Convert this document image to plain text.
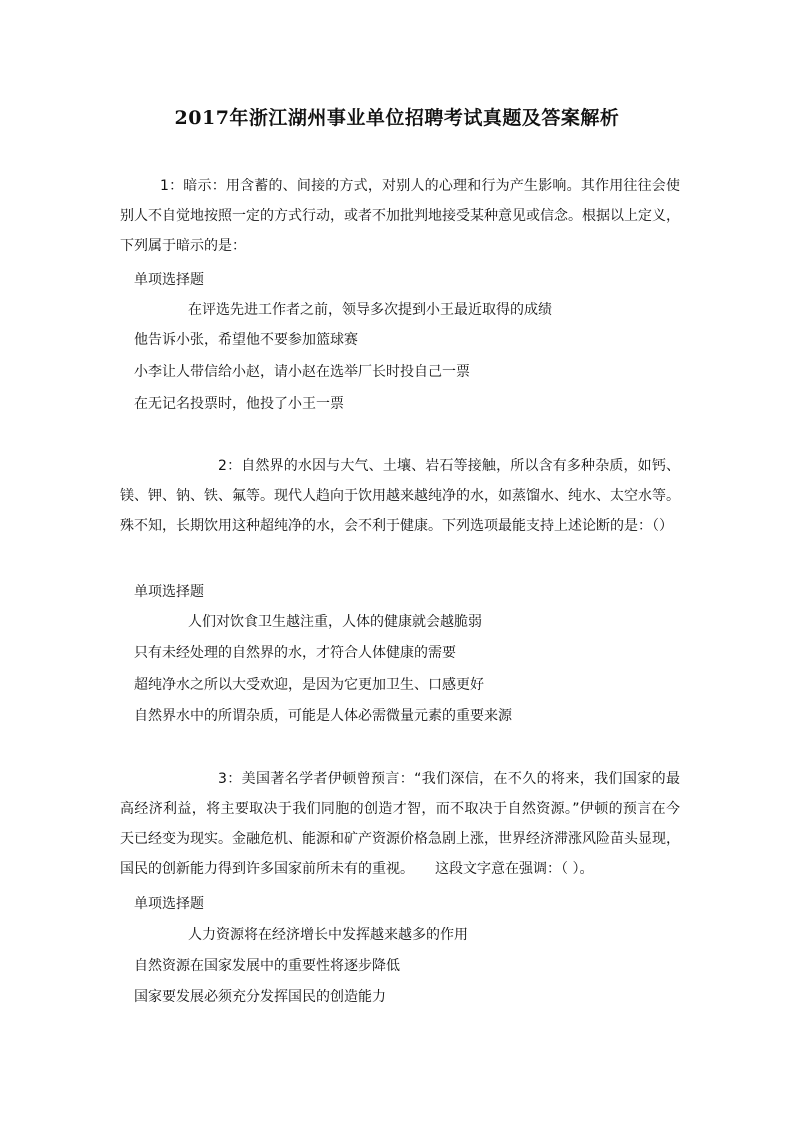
2017年浙江湖州事业单位招聘考试真题及答案解析

1：暗示：用含蓄的、间接的方式，对别人的心理和行为产生影响。其作用往往会使别人不自觉地按照一定的方式行动，或者不加批判地接受某种意见或信念。根据以上定义，下列属于暗示的是：

单项选择题

在评选先进工作者之前，领导多次提到小王最近取得的成绩

他告诉小张，希望他不要参加篮球赛

小李让人带信给小赵，请小赵在选举厂长时投自己一票

在无记名投票时，他投了小王一票

2：自然界的水因与大气、土壤、岩石等接触，所以含有多种杂质，如钙、镁、钾、钠、铁、氟等。现代人趋向于饮用越来越纯净的水，如蒸馏水、纯水、太空水等。殊不知，长期饮用这种超纯净的水，会不利于健康。下列选项最能支持上述论断的是：（）

单项选择题

人们对饮食卫生越注重，人体的健康就会越脆弱

只有未经处理的自然界的水，才符合人体健康的需要

超纯净水之所以大受欢迎，是因为它更加卫生、口感更好

自然界水中的所谓杂质，可能是人体必需微量元素的重要来源

3：美国著名学者伊顿曾预言：“我们深信，在不久的将来，我们国家的最高经济利益，将主要取决于我们同胞的创造才智，而不取决于自然资源。”伊顿的预言在今天已经变为现实。金融危机、能源和矿产资源价格急剧上涨，世界经济滞涨风险苗头显现，国民的创新能力得到许多国家前所未有的重视。　　这段文字意在强调：（ ）。

单项选择题

人力资源将在经济增长中发挥越来越多的作用

自然资源在国家发展中的重要性将逐步降低

国家要发展必须充分发挥国民的创造能力
